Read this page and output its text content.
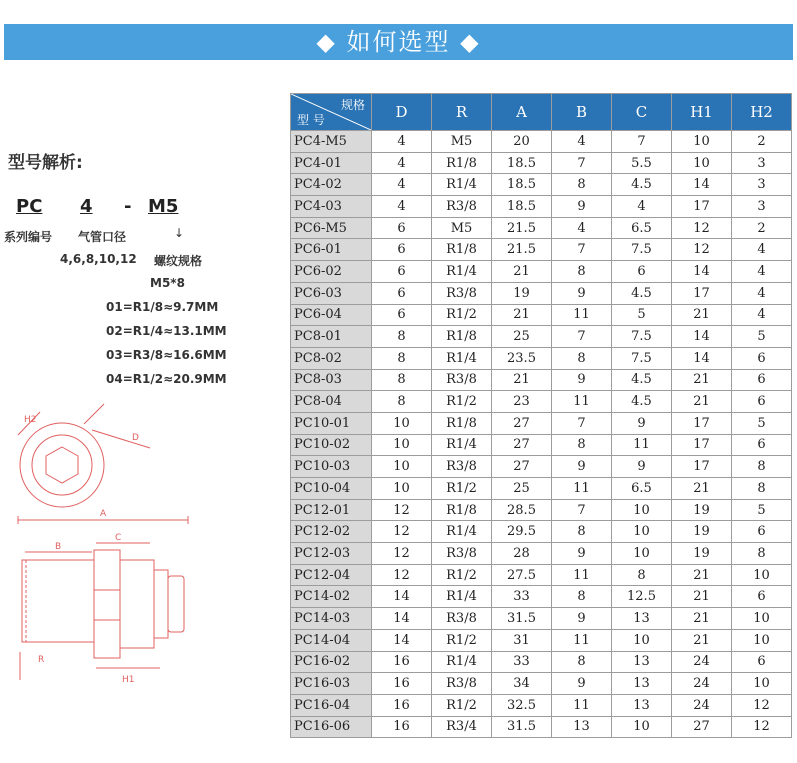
◆ 如何选型 ◆
型号解析:
PC 4 - M5
系列编号 气管口径	↓
4,6,8,10,12 螺纹规格
M5*8
01=R1/8≈9.7MM
02=R1/4≈13.1MM
03=R3/8≈16.6MM
04=R1/2≈20.9MM
H2
D
A
B
C
R
H1
规格
型 号	D	R	A	B	C	H1	H2
PC4-M5	4	M5	20	4	7	10	2
PC4-01	4	R1/8	18.5	7	5.5	10	3
PC4-02	4	R1/4	18.5	8	4.5	14	3
PC4-03	4	R3/8	18.5	9	4	17	3
PC6-M5	6	M5	21.5	4	6.5	12	2
PC6-01	6	R1/8	21.5	7	7.5	12	4
PC6-02	6	R1/4	21	8	6	14	4
PC6-03	6	R3/8	19	9	4.5	17	4
PC6-04	6	R1/2	21	11	5	21	4
PC8-01	8	R1/8	25	7	7.5	14	5
PC8-02	8	R1/4	23.5	8	7.5	14	6
PC8-03	8	R3/8	21	9	4.5	21	6
PC8-04	8	R1/2	23	11	4.5	21	6
PC10-01	10	R1/8	27	7	9	17	5
PC10-02	10	R1/4	27	8	11	17	6
PC10-03	10	R3/8	27	9	9	17	8
PC10-04	10	R1/2	25	11	6.5	21	8
PC12-01	12	R1/8	28.5	7	10	19	5
PC12-02	12	R1/4	29.5	8	10	19	6
PC12-03	12	R3/8	28	9	10	19	8
PC12-04	12	R1/2	27.5	11	8	21	10
PC14-02	14	R1/4	33	8	12.5	21	6
PC14-03	14	R3/8	31.5	9	13	21	10
PC14-04	14	R1/2	31	11	10	21	10
PC16-02	16	R1/4	33	8	13	24	6
PC16-03	16	R3/8	34	9	13	24	10
PC16-04	16	R1/2	32.5	11	13	24	12
PC16-06	16	R3/4	31.5	13	10	27	12
